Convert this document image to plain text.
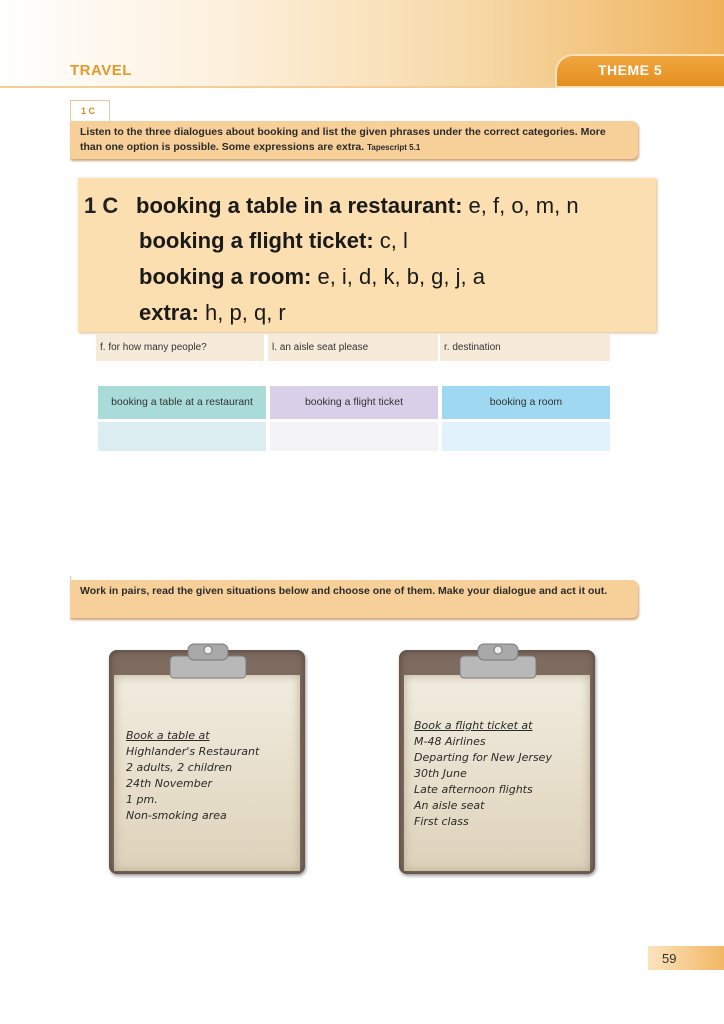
TRAVEL	THEME 5
1 C
Listen to the three dialogues about booking and list the given phrases under the correct categories. More than one option is possible. Some expressions are extra. Tapescript 5.1
1 C booking a table in a restaurant: e, f, o, m, n
booking a flight ticket: c, l
booking a room: e, i, d, k, b, g, j, a
extra: h, p, q, r
f. for how many people?	l. an aisle seat please	r. destination
booking a table at a restaurant	booking a flight ticket	booking a room
Work in pairs, read the given situations below and choose one of them. Make your dialogue and act it out.
Book a table at
Highlander's Restaurant
2 adults, 2 children
24th November
1 pm.
Non-smoking area
Book a flight ticket at
M-48 Airlines
Departing for New Jersey
30th June
Late afternoon flights
An aisle seat
First class
59
